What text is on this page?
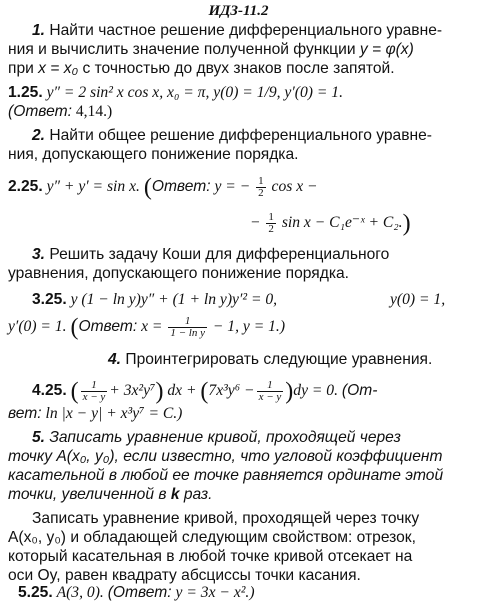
ИДЗ-11.2
1. Найти частное решение дифференциального уравне-
ния и вычислить значение полученной функции y = φ(x)
при x = x₀ с точностью до двух знаков после запятой.
1.25. y″ = 2 sin² x cos x, x₀ = π, y(0) = 1/9, y′(0) = 1.
(Ответ: 4,14.)
2. Найти общее решение дифференциального уравне-
ния, допускающего понижение порядка.
2.25. y″ + y′ = sin x. (Ответ: y = − $\frac{1}{2}$ cos x −
− $\frac{1}{2}$ sin x − C₁e⁻ˣ + C₂.)
3. Решить задачу Коши для дифференциального
уравнения, допускающего понижение порядка.
3.25. y (1 − ln y)y″ + (1 + ln y)y′² = 0,	y(0) = 1,
y′(0) = 1. (Ответ: $x = \frac{1}{\text{1 − ln y}} - 1$, y = 1.)
4. Проинтегрировать следующие уравнения.
4.25. ( $\frac{1}{x - y} + 3x^2y^7$) dx + $(7x^3y^6 - \frac{1}{x - y} )dy = 0$. (От-
вет: ln |x − y| + x³y⁷ = C.)
5. Записать уравнение кривой, проходящей через
точку A(x₀, y₀), если известно, что угловой коэффициент
касательной в любой ее точке равняется ординате этой
точки, увеличенной в k раз.
Записать уравнение кривой, проходящей через точку
A(x₀, y₀) и обладающей следующим свойством: отрезок,
который касательная в любой точке кривой отсекает на
оси Oy, равен квадрату абсциссы точки касания.
5.25. A(3, 0). (Ответ: y = 3x − x².)
